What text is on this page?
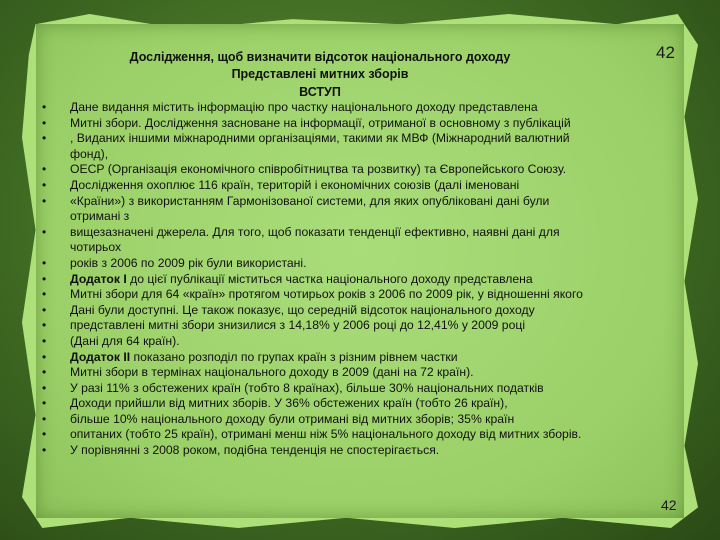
42
Дослідження, щоб визначити відсоток національного доходу
Представлені митних зборів
ВСТУП
• Дане видання містить інформацію про частку національного доходу представлена
• Митні збори. Дослідження засноване на інформації, отриманої в основному з публікацій
• , Виданих іншими міжнародними організаціями, такими як МВФ (Міжнародний валютний
фонд),
• OECP (Організація економічного співробітництва та розвитку) та Європейського Союзу.
• Дослідження охоплює 116 країн, територій і економічних союзів (далі іменовані
• «Країни») з використанням Гармонізованої системи, для яких опубліковані дані були
отримані з
• вищезазначені джерела. Для того, щоб показати тенденції ефективно, наявні дані для
чотирьох
• років з 2006 по 2009 рік були використані.
• Додаток I до цієї публікації міститься частка національного доходу представлена
• Митні збори для 64 «країн» протягом чотирьох років з 2006 по 2009 рік, у відношенні якого
• Дані були доступні. Це також показує, що середній відсоток національного доходу
• представлені митні збори знизилися з 14,18% у 2006 році до 12,41% у 2009 році
• (Дані для 64 країн).
• Додаток II показано розподіл по групах країн з різним рівнем частки
• Митні збори в термінах національного доходу в 2009 (дані на 72 країн).
• У разі 11% з обстежених країн (тобто 8 країнах), більше 30% національних податків
• Доходи прийшли від митних зборів. У 36% обстежених країн (тобто 26 країн),
• більше 10% національного доходу були отримані від митних зборів; 35% країн
• опитаних (тобто 25 країн), отримані менш ніж 5% національного доходу від митних зборів.
• У порівнянні з 2008 роком, подібна тенденція не спостерігається.
42
